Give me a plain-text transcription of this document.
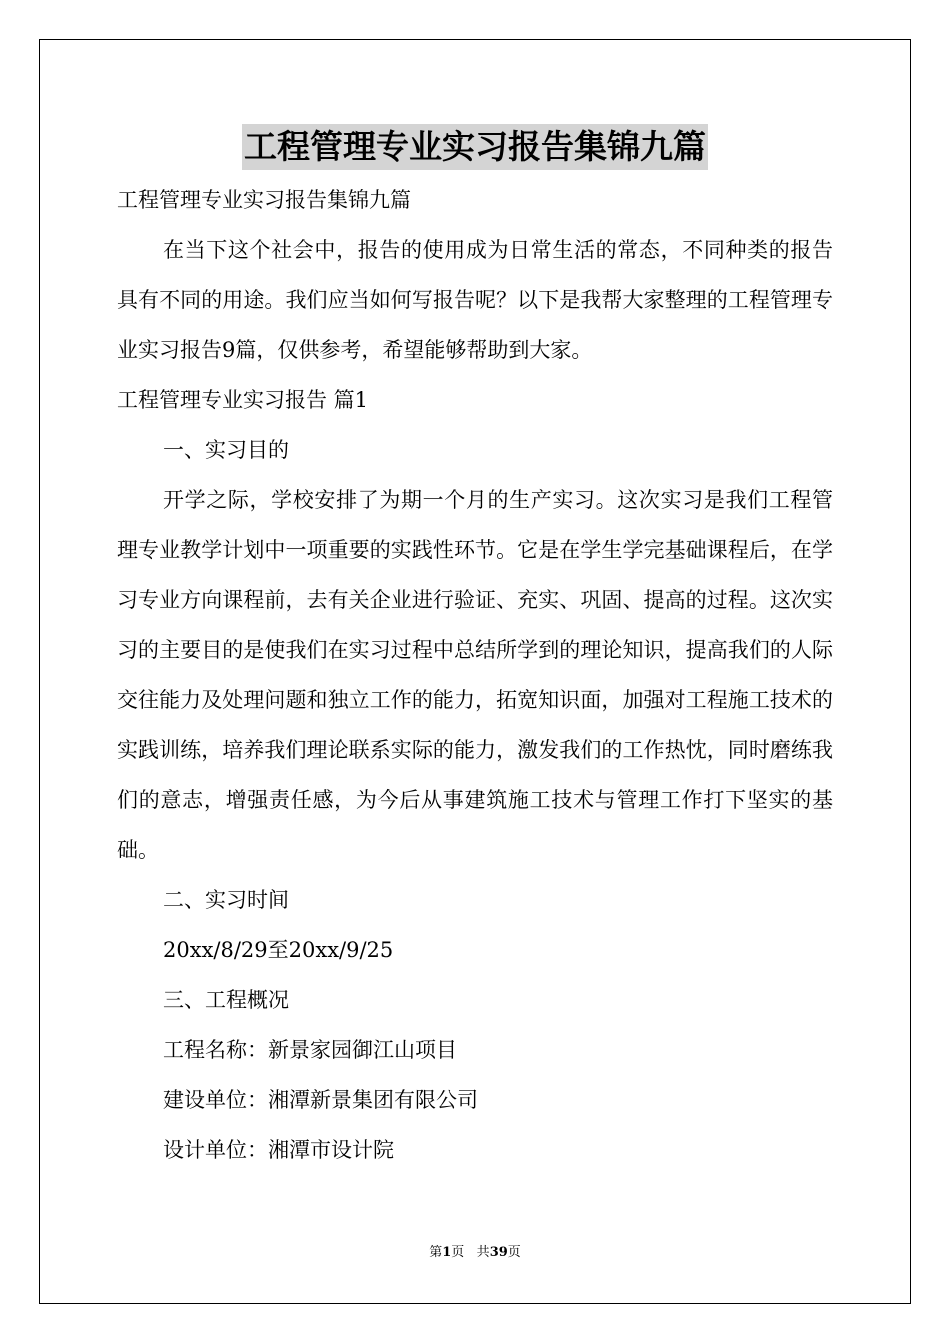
工程管理专业实习报告集锦九篇

工程管理专业实习报告集锦九篇

在当下这个社会中，报告的使用成为日常生活的常态，不同种类的报告具有不同的用途。我们应当如何写报告呢？以下是我帮大家整理的工程管理专业实习报告9篇，仅供参考，希望能够帮助到大家。

工程管理专业实习报告 篇1

一、实习目的

开学之际，学校安排了为期一个月的生产实习。这次实习是我们工程管理专业教学计划中一项重要的实践性环节。它是在学生学完基础课程后，在学习专业方向课程前，去有关企业进行验证、充实、巩固、提高的过程。这次实习的主要目的是使我们在实习过程中总结所学到的理论知识，提高我们的人际交往能力及处理问题和独立工作的能力，拓宽知识面，加强对工程施工技术的实践训练，培养我们理论联系实际的能力，激发我们的工作热忱，同时磨练我们的意志，增强责任感，为今后从事建筑施工技术与管理工作打下坚实的基础。

二、实习时间

20xx/8/29至20xx/9/25

三、工程概况

工程名称：新景家园御江山项目

建设单位：湘潭新景集团有限公司

设计单位：湘潭市设计院

第1页 共39页
